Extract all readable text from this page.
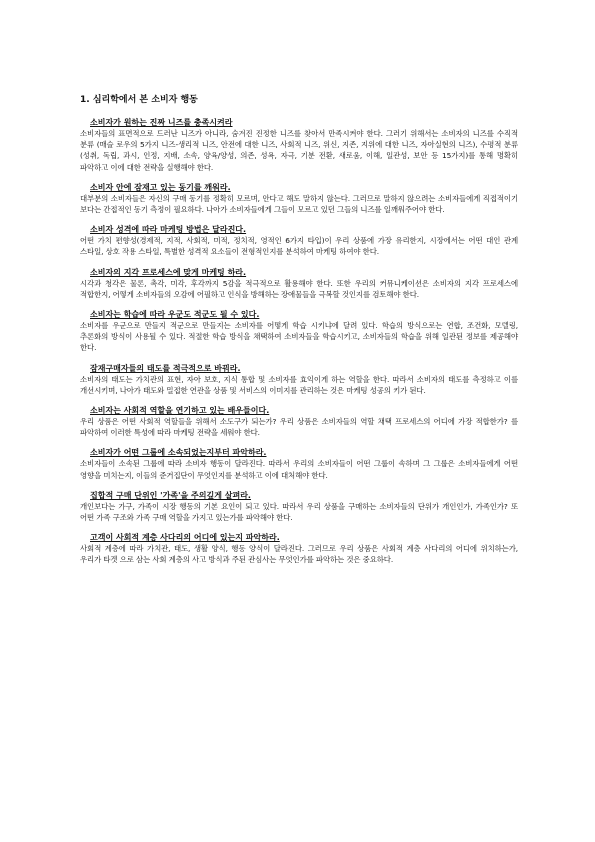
1. 심리학에서 본 소비자 행동
소비자가 원하는 진짜 니즈를 충족시켜라

소비자들의 표면적으로 드러난 니즈가 아니라, 숨겨진 진정한 니즈를 찾아서 만족시켜야 한다. 그러기 위해서는 소비자의 니즈를 수직적 분류 (매슬 로우의 5가지 니즈-생리적 니즈, 안전에 대한 니즈, 사회적 니즈, 위신, 지존, 지위에 대한 니즈, 자아실현의 니즈), 수평적 분류(성취, 독립, 과시, 인정, 지배, 소속, 양육/양성, 의존, 성욕, 자극, 기분 전환, 새로움, 이해, 일관성, 보안 등 15가지)를 통해 명확히 파악하고 이에 대한 전략을 실행해야 한다.

소비자 안에 잠재고 있는 동기를 깨워라.

대부분의 소비자들은 자신의 구매 동기를 정확히 모르며, 안다고 해도 말하지 않는다. 그러므로 말하지 않으려는 소비자들에게 직접적이기 보다는 간접적인 동기 측정이 필요하다. 나아가 소비자들에게 그들이 모르고 있던 그들의 니즈를 일깨워주어야 한다.

소비자 성격에 따라 마케팅 방법은 달라진다.

어떤 가치 편향성(경제적, 지적, 사회적, 미적, 정치적, 영적인 6가지 타입)이 우리 상품에 가장 유리한지, 시장에서는 어떤 대인 관계 스타일, 상호 작용 스타일, 특별한 성격적 요소들이 전형적인지를 분석하여 마케팅 하여야 한다.

소비자의 지각 프로세스에 맞게 마케팅 하라.

시각과 청각은 물론, 촉각, 미각, 후각까지 5감을 적극적으로 활용해야 한다. 또한 우리의 커뮤니케이션은 소비자의 지각 프로세스에 적합한지, 어떻게 소비자들의 오감에 어필하고 인식을 방해하는 장애물들을 극복할 것인지를 검토해야 한다.

소비자는 학습에 따라 우군도 적군도 될 수 있다.

소비자를 우군으로 만들지 적군으로 만들지는 소비자를 어떻게 학습 시키냐에 달려 있다. 학습의 방식으로는 연합, 조건화, 모델링, 추론화의 방식이 사용될 수 있다. 적절한 학습 방식을 채택하여 소비자들을 학습시키고, 소비자들의 학습을 위해 일관된 정보를 제공해야 한다.

잠재구매자들의 태도를 적극적으로 바꿔라.

소비자의 태도는 가치관의 표현, 자아 보호, 지식 통합 및 소비자를 효익이게 하는 역할을 한다. 따라서 소비자의 태도를 측정하고 이를 개선시키며, 나아가 태도와 밀접한 연관을 상품 및 서비스의 이미지를 관리하는 것은 마케팅 성공의 키가 된다.

소비자는 사회적 역할을 연기하고 있는 배우들이다.

우리 상품은 어떤 사회적 역할들을 위해서 소도구가 되는가? 우리 상품은 소비자들의 역할 채택 프로세스의 어디에 가장 적합한가? 를 파악하여 이러한 특성에 따라 마케팅 전략을 세워야 한다.

소비자가 어떤 그룹에 소속되었는지부터 파악하라.

소비자들이 소속된 그룹에 따라 소비자 행동이 달라진다. 따라서 우리의 소비자들이 어떤 그룹이 속하며 그 그룹은 소비자들에게 어떤 영향을 미치는지, 이들의 준거집단이 무엇인지를 분석하고 이에 대처해야 한다.

집합적 구매 단위인 '가족'을 주의깊게 살펴라.

개인보다는 가구, 가족이 시장 행동의 기본 요인이 되고 있다. 따라서 우리 상품을 구매하는 소비자들의 단위가 개인인가, 가족인가? 또 어떤 가족 구조와 가족 구매 역할을 가지고 있는가를 파악해야 한다.

고객이 사회적 계층 사다리의 어디에 있는지 파악하라.

사회적 계층에 따라 가치관, 태도, 생활 양식, 행동 양식이 달라진다. 그러므로 우리 상품은 사회적 계층 사다리의 어디에 위치하는가, 우리가 타겟 으로 삼는 사회 계층의 사고 방식과 주된 관심사는 무엇인가를 파악하는 것은 중요하다.
